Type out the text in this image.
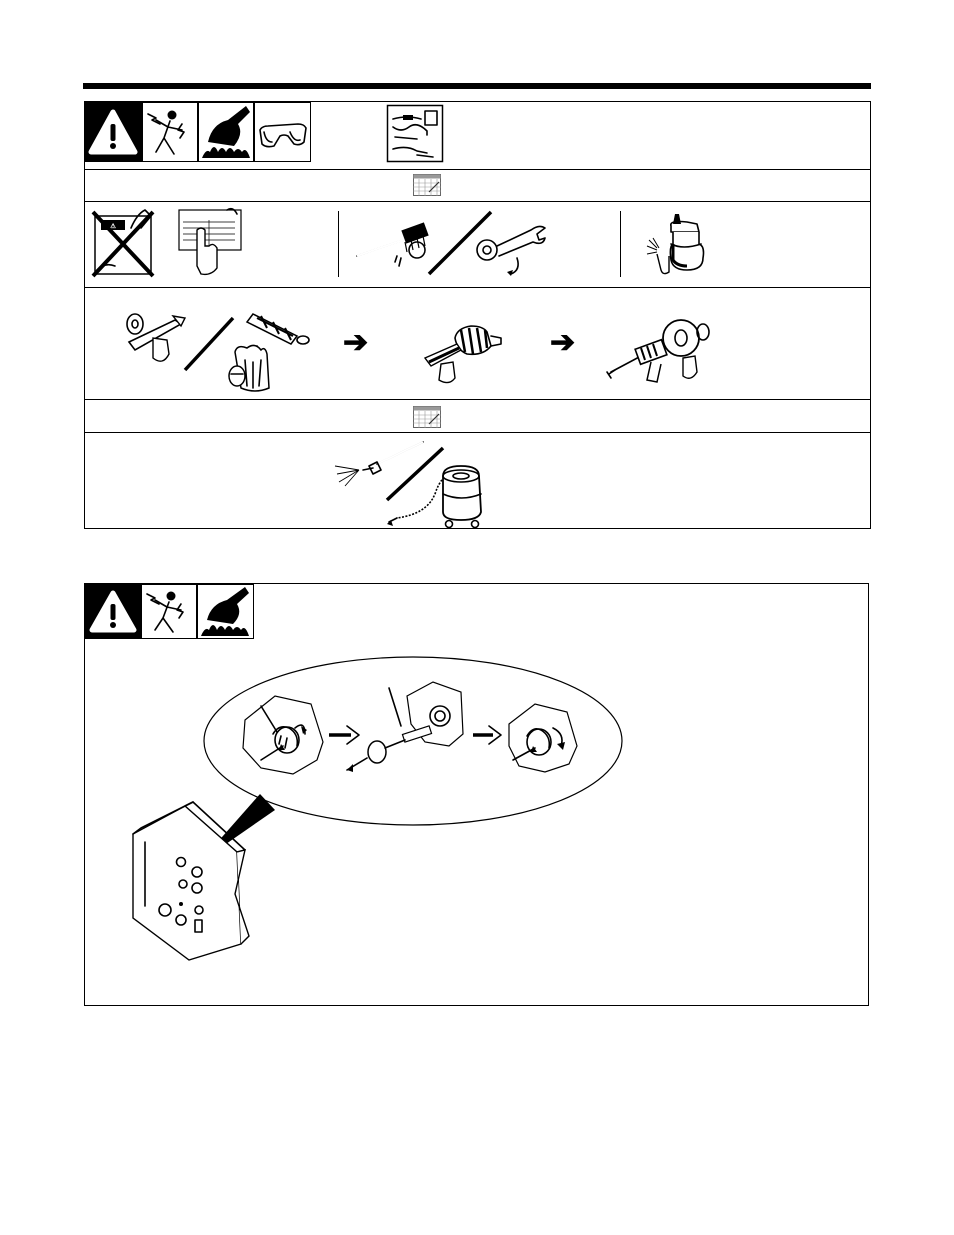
⚠
➔	➔
